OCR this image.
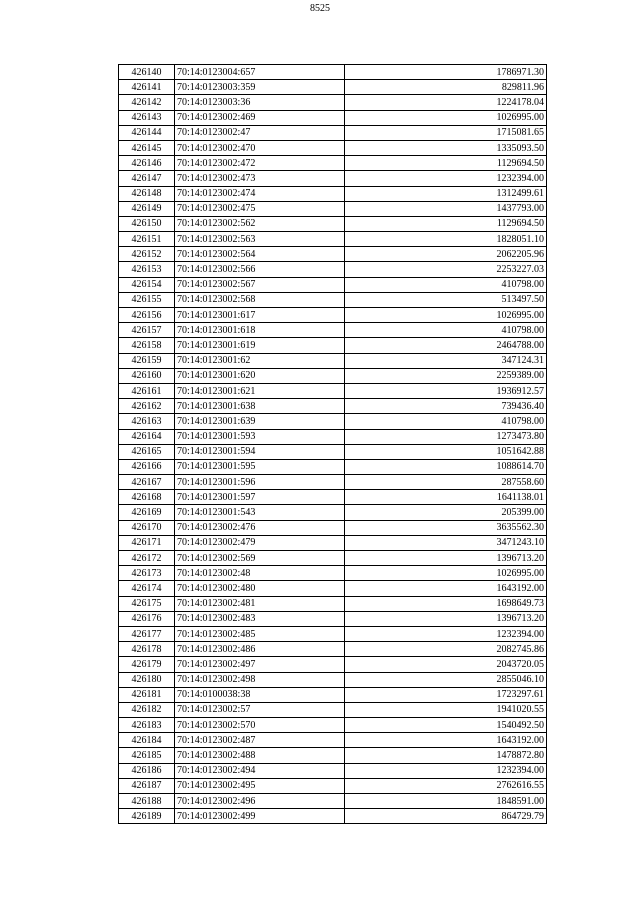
8525
426140	70:14:0123004:657	1786971.30
426141	70:14:0123003:359	829811.96
426142	70:14:0123003:36	1224178.04
426143	70:14:0123002:469	1026995.00
426144	70:14:0123002:47	1715081.65
426145	70:14:0123002:470	1335093.50
426146	70:14:0123002:472	1129694.50
426147	70:14:0123002:473	1232394.00
426148	70:14:0123002:474	1312499.61
426149	70:14:0123002:475	1437793.00
426150	70:14:0123002:562	1129694.50
426151	70:14:0123002:563	1828051.10
426152	70:14:0123002:564	2062205.96
426153	70:14:0123002:566	2253227.03
426154	70:14:0123002:567	410798.00
426155	70:14:0123002:568	513497.50
426156	70:14:0123001:617	1026995.00
426157	70:14:0123001:618	410798.00
426158	70:14:0123001:619	2464788.00
426159	70:14:0123001:62	347124.31
426160	70:14:0123001:620	2259389.00
426161	70:14:0123001:621	1936912.57
426162	70:14:0123001:638	739436.40
426163	70:14:0123001:639	410798.00
426164	70:14:0123001:593	1273473.80
426165	70:14:0123001:594	1051642.88
426166	70:14:0123001:595	1088614.70
426167	70:14:0123001:596	287558.60
426168	70:14:0123001:597	1641138.01
426169	70:14:0123001:543	205399.00
426170	70:14:0123002:476	3635562.30
426171	70:14:0123002:479	3471243.10
426172	70:14:0123002:569	1396713.20
426173	70:14:0123002:48	1026995.00
426174	70:14:0123002:480	1643192.00
426175	70:14:0123002:481	1698649.73
426176	70:14:0123002:483	1396713.20
426177	70:14:0123002:485	1232394.00
426178	70:14:0123002:486	2082745.86
426179	70:14:0123002:497	2043720.05
426180	70:14:0123002:498	2855046.10
426181	70:14:0100038:38	1723297.61
426182	70:14:0123002:57	1941020.55
426183	70:14:0123002:570	1540492.50
426184	70:14:0123002:487	1643192.00
426185	70:14:0123002:488	1478872.80
426186	70:14:0123002:494	1232394.00
426187	70:14:0123002:495	2762616.55
426188	70:14:0123002:496	1848591.00
426189	70:14:0123002:499	864729.79
